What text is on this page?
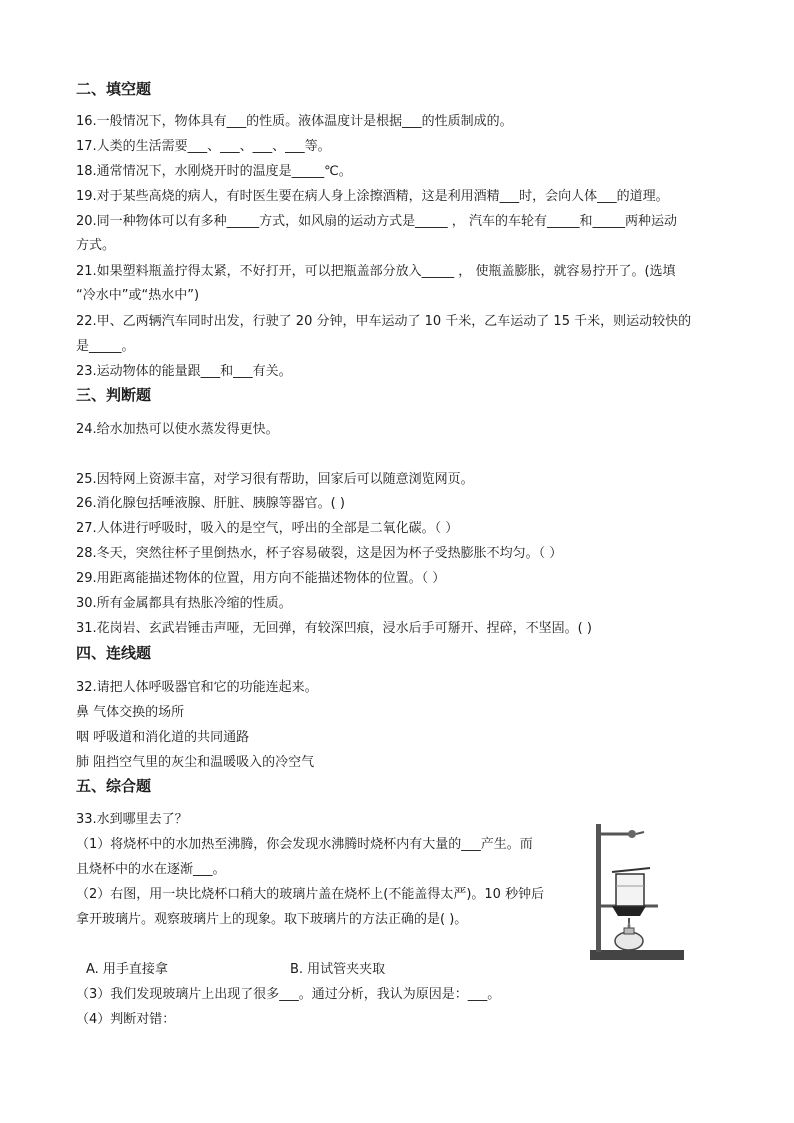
二、填空题
16.一般情况下，物体具有___的性质。液体温度计是根据___的性质制成的。
17.人类的生活需要___、___、___、___等。
18.通常情况下，水刚烧开时的温度是_____℃。
19.对于某些高烧的病人，有时医生要在病人身上涂擦酒精，这是利用酒精___时，会向人体___的道理。
20.同一种物体可以有多种_____方式，如风扇的运动方式是_____ ， 汽车的车轮有_____和_____两种运动
方式。
21.如果塑料瓶盖拧得太紧，不好打开，可以把瓶盖部分放入_____ ， 使瓶盖膨胀，就容易拧开了。(选填
“冷水中”或“热水中”)
22.甲、乙两辆汽车同时出发，行驶了 20 分钟，甲车运动了 10 千米，乙车运动了 15 千米，则运动较快的
是_____。
23.运动物体的能量跟___和___有关。
三、判断题
24.给水加热可以使水蒸发得更快。
25.因特网上资源丰富，对学习很有帮助，回家后可以随意浏览网页。
26.消化腺包括唾液腺、肝脏、胰腺等器官。( )
27.人体进行呼吸时，吸入的是空气，呼出的全部是二氧化碳。（ ）
28.冬天，突然往杯子里倒热水，杯子容易破裂，这是因为杯子受热膨胀不均匀。（ ）
29.用距离能描述物体的位置，用方向不能描述物体的位置。（ ）
30.所有金属都具有热胀冷缩的性质。
31.花岗岩、玄武岩锤击声哑，无回弹，有较深凹痕，浸水后手可掰开、捏碎，不坚固。( )
四、连线题
32.请把人体呼吸器官和它的功能连起来。
鼻 气体交换的场所
咽 呼吸道和消化道的共同通路
肺 阻挡空气里的灰尘和温暖吸入的冷空气
五、综合题
33.水到哪里去了？
（1）将烧杯中的水加热至沸腾，你会发现水沸腾时烧杯内有大量的___产生。而
且烧杯中的水在逐渐___。
（2）右图，用一块比烧杯口稍大的玻璃片盖在烧杯上(不能盖得太严)。10 秒钟后
拿开玻璃片。观察玻璃片上的现象。取下玻璃片的方法正确的是( )。
A. 用手直接拿	B. 用试管夹夹取
（3）我们发现玻璃片上出现了很多___。通过分析，我认为原因是：___。
（4）判断对错：
